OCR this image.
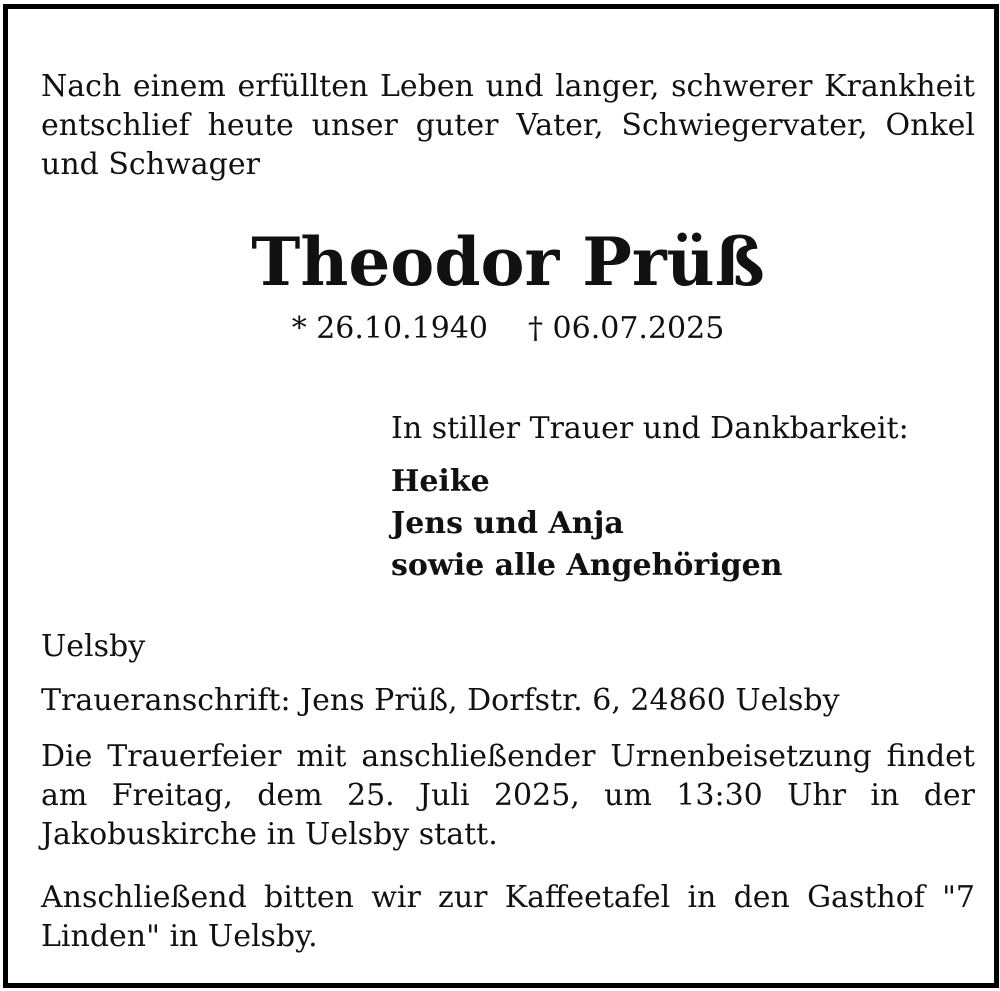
Nach einem erfüllten Leben und langer, schwerer Krankheit entschlief heute unser guter Vater, Schwiegervater, Onkel und Schwager

Theodor Prüß
* 26.10.1940 † 06.07.2025

In stiller Trauer und Dankbarkeit:

Heike
Jens und Anja
sowie alle Angehörigen
Uelsby
Traueranschrift: Jens Prüß, Dorfstr. 6, 24860 Uelsby

Die Trauerfeier mit anschließender Urnenbeisetzung findet am Freitag, dem 25. Juli 2025, um 13:30 Uhr in der Jakobuskirche in Uelsby statt.

Anschließend bitten wir zur Kaffeetafel in den Gasthof "7 Linden" in Uelsby.
